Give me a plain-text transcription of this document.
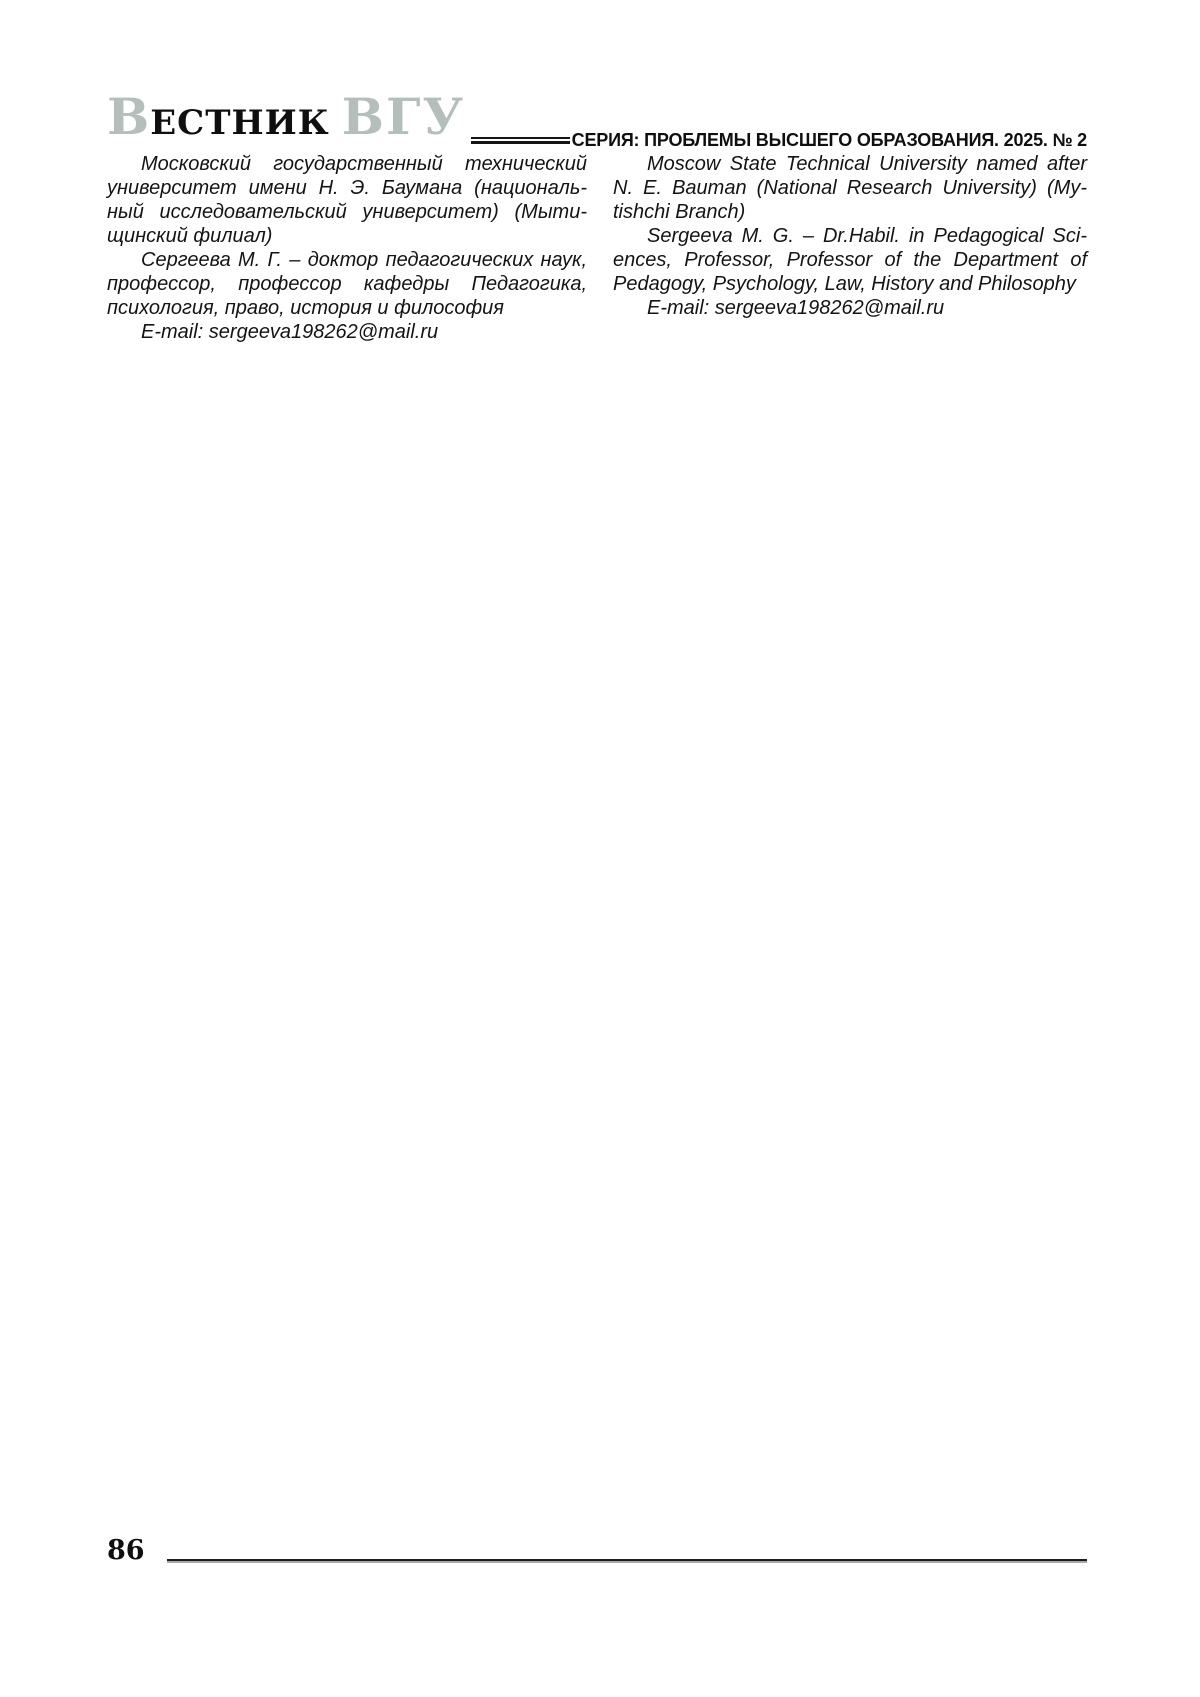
ВЕСТНИК ВГУ	СЕРИЯ: ПРОБЛЕМЫ ВЫСШЕГО ОБРАЗОВАНИЯ. 2025. № 2
Московский государственный технический
университет имени Н. Э. Баумана (националь-
ный исследовательский университет) (Мыти-
щинский филиал)
Сергеева М. Г. – доктор педагогических наук,
профессор, профессор кафедры Педагогика,
психология, право, история и философия
E-mail: sergeeva198262@mail.ru
Moscow State Technical University named after
N. E. Bauman (National Research University) (My-
tishchi Branch)
Sergeeva M. G. – Dr.Habil. in Pedagogical Sci-
ences, Professor, Professor of the Department of
Pedagogy, Psychology, Law, History and Philosophy
E-mail: sergeeva198262@mail.ru
86
